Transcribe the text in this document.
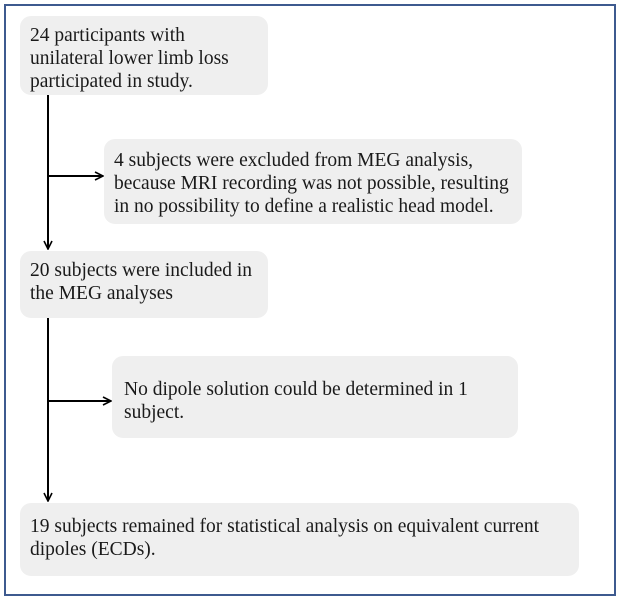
24 participants with
unilateral lower limb loss
participated in study.
4 subjects were excluded from MEG analysis,
because MRI recording was not possible, resulting
in no possibility to define a realistic head model.
20 subjects were included in
the MEG analyses
No dipole solution could be determined in 1
subject.
19 subjects remained for statistical analysis on equivalent current
dipoles (ECDs).
